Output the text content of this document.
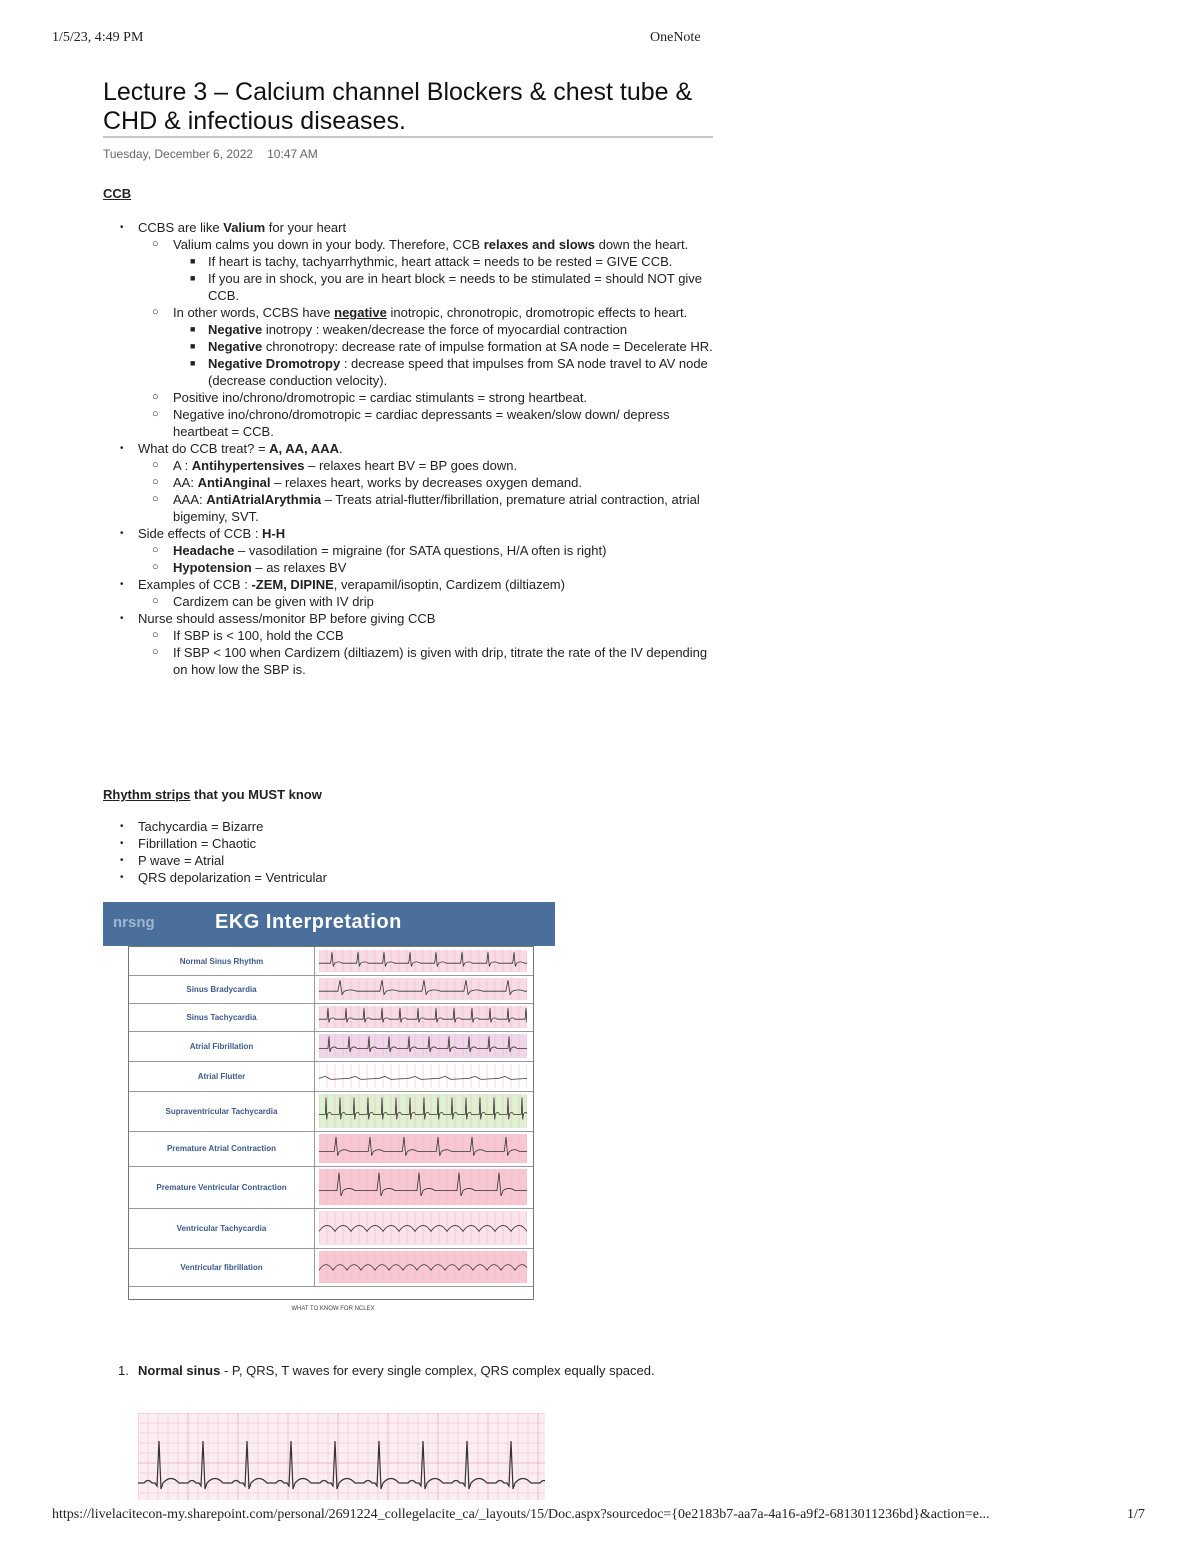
1/5/23, 4:49 PM	OneNote
Lecture 3 – Calcium channel Blockers & chest tube & CHD & infectious diseases.
Tuesday, December 6, 2022 10:47 AM
CCB
• CCBS are like Valium for your heart
○ Valium calms you down in your body. Therefore, CCB relaxes and slows down the heart.
■ If heart is tachy, tachyarrhythmic, heart attack = needs to be rested = GIVE CCB.
■ If you are in shock, you are in heart block = needs to be stimulated = should NOT give CCB.
○ In other words, CCBS have negative inotropic, chronotropic, dromotropic effects to heart.
■ Negative inotropy : weaken/decrease the force of myocardial contraction
■ Negative chronotropy: decrease rate of impulse formation at SA node = Decelerate HR.
■ Negative Dromotropy : decrease speed that impulses from SA node travel to AV node (decrease conduction velocity).
○ Positive ino/chrono/dromotropic = cardiac stimulants = strong heartbeat.
○ Negative ino/chrono/dromotropic = cardiac depressants = weaken/slow down/ depress heartbeat = CCB.
• What do CCB treat? = A, AA, AAA.
○ A : Antihypertensives – relaxes heart BV = BP goes down.
○ AA: AntiAnginal – relaxes heart, works by decreases oxygen demand.
○ AAA: AntiAtrialArythmia – Treats atrial-flutter/fibrillation, premature atrial contraction, atrial bigeminy, SVT.
• Side effects of CCB : H-H
○ Headache – vasodilation = migraine (for SATA questions, H/A often is right)
○ Hypotension – as relaxes BV
• Examples of CCB : -ZEM, DIPINE, verapamil/isoptin, Cardizem (diltiazem)
○ Cardizem can be given with IV drip
• Nurse should assess/monitor BP before giving CCB
○ If SBP is < 100, hold the CCB
○ If SBP < 100 when Cardizem (diltiazem) is given with drip, titrate the rate of the IV depending on how low the SBP is.
Rhythm strips that you MUST know
• Tachycardia = Bizarre
• Fibrillation = Chaotic
• P wave = Atrial
• QRS depolarization = Ventricular
nrsng	EKG Interpretation
Normal Sinus Rhythm
Sinus Bradycardia
Sinus Tachycardia
Atrial Fibrillation
Atrial Flutter
Supraventricular Tachycardia
Premature Atrial Contraction
Premature Ventricular Contraction
Ventricular Tachycardia
Ventricular fibrillation
WHAT TO KNOW FOR NCLEX
1. Normal sinus - P, QRS, T waves for every single complex, QRS complex equally spaced.
https://livelacitecon-my.sharepoint.com/personal/2691224_collegelacite_ca/_layouts/15/Doc.aspx?sourcedoc={0e2183b7-aa7a-4a16-a9f2-6813011236bd}&action=e...	1/7
